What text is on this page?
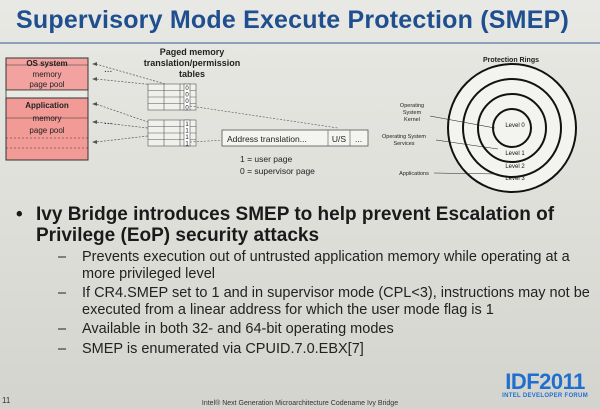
Supervisory Mode Execute Protection (SMEP)
OS system
memory
page pool
Application
memory
page pool
...
...
Paged memory
translation/permission
tables
0
0
0
0
1
1
1
1
Address translation...	U/S ...
1 = user page
0 = supervisor page
Protection Rings
Level 0
Level 1
Level 2
Level 3
Operating
System
Kernel
Operating System
Services
Applications
• Ivy Bridge introduces SMEP to help prevent Escalation of Privilege (EoP) security attacks
– Prevents execution out of untrusted application memory while operating at a more privileged level
– If CR4.SMEP set to 1 and in supervisor mode (CPL<3), instructions may not be executed from a linear address for which the user mode flag is 1
– Available in both 32- and 64-bit operating modes
– SMEP is enumerated via CPUID.7.0.EBX[7]
11	Intel® Next Generation Microarchitecture Codename Ivy Bridge
IDF2011
INTEL DEVELOPER FORUM
